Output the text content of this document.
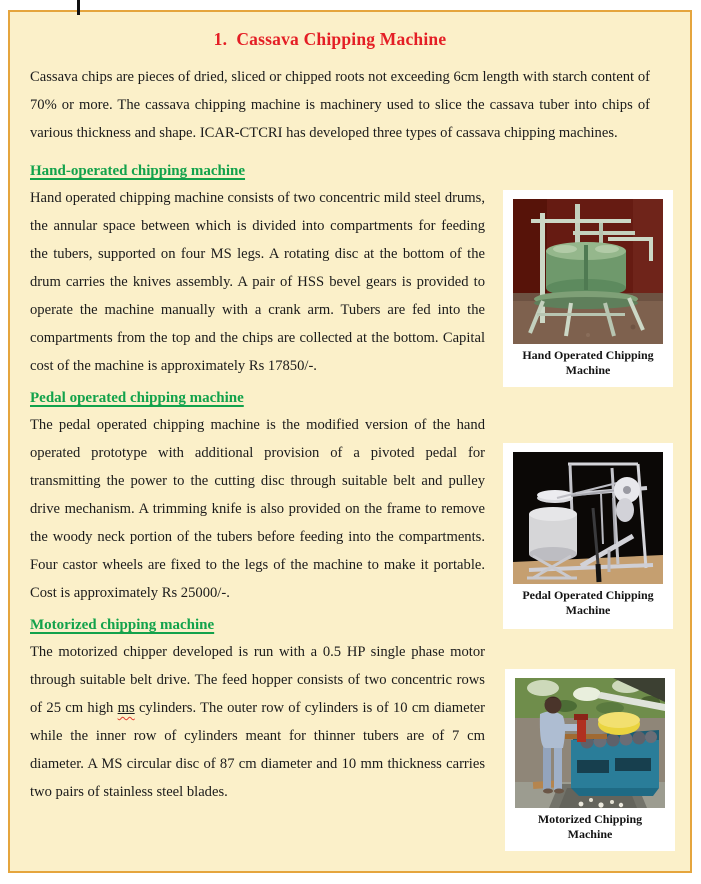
1.  Cassava Chipping Machine

Cassava chips are pieces of dried, sliced or chipped roots not exceeding 6cm length with starch content of 70% or more. The cassava chipping machine is machinery used to slice the cassava tuber into chips of various thickness and shape. ICAR-CTCRI has developed three types of cassava chipping machines.

Hand-operated chipping machine

Hand operated chipping machine consists of two concentric mild steel drums, the annular space between which is divided into compartments for feeding the tubers, supported on four MS legs. A rotating disc at the bottom of the drum carries the knives assembly. A pair of HSS bevel gears is provided to operate the machine manually with a crank arm. Tubers are fed into the compartments from the top and the chips are collected at the bottom. Capital cost of the machine is approximately Rs 17850/-.

Pedal operated chipping machine

The pedal operated chipping machine is the modified version of the hand operated prototype with additional provision of a pivoted pedal for transmitting the power to the cutting disc through suitable belt and pulley drive mechanism. A trimming knife is also provided on the frame to remove the woody neck portion of the tubers before feeding into the compartments. Four castor wheels are fixed to the legs of the machine to make it portable. Cost is approximately Rs 25000/-.

Motorized chipping machine

The motorized chipper developed is run with a 0.5 HP single phase motor through suitable belt drive. The feed hopper consists of two concentric rows of 25 cm high ms cylinders. The outer row of cylinders is of 10 cm diameter while the inner row of cylinders meant for thinner tubers are of 7 cm diameter. A MS circular disc of 87 cm diameter and 10 mm thickness carries two pairs of stainless steel blades.

Hand Operated Chipping
Machine
Pedal Operated Chipping
Machine
Motorized Chipping
Machine
